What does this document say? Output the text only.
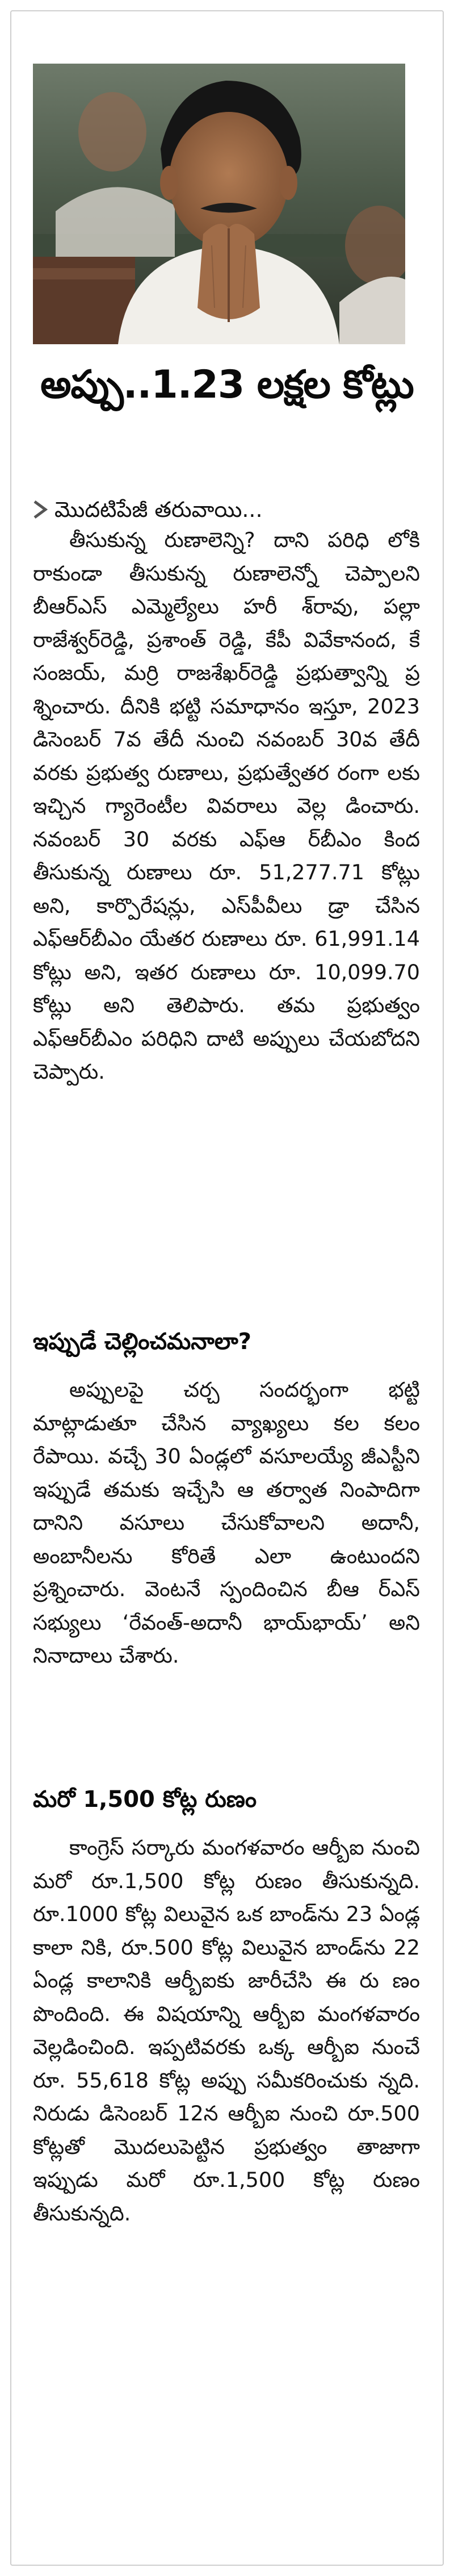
అప్పు..1.23 లక్షల కోట్లు
మొదటిపేజీ తరువాయి...

తీసుకున్న రుణాలెన్ని? దాని పరిధి లోకి రాకుండా తీసుకున్న రుణాలెన్నో చెప్పాలని బీఆర్ఎస్ ఎమ్మెల్యేలు హరీ శ్‌రావు, పల్లా రాజేశ్వర్‌రెడ్డి, ప్రశాంత్ రెడ్డి, కేపీ వివేకానంద, కే సంజయ్, మర్రి రాజశేఖర్‌రెడ్డి ప్రభుత్వాన్ని ప్ర శ్నించారు. దీనికి భట్టి సమాధానం ఇస్తూ, 2023 డిసెంబర్ 7వ తేదీ నుంచి నవంబర్ 30వ తేదీ వరకు ప్రభుత్వ రుణాలు, ప్రభుత్వేతర రంగా లకు ఇచ్చిన గ్యారెంటీల వివరాలు వెల్ల డించారు. నవంబర్ 30 వరకు ఎఫ్ఆ ర్‌బీఎం కింద తీసుకున్న రుణాలు రూ. 51,277.71 కోట్లు అని, కార్పొరేషన్లు, ఎస్‌పీవీలు డ్రా చేసిన ఎఫ్ఆర్‌బీఎం యేతర రుణాలు రూ. 61,991.14 కోట్లు అని, ఇతర రుణాలు రూ. 10,099.70 కోట్లు అని తెలిపారు. తమ ప్రభుత్వం ఎఫ్ఆర్‌బీఎం పరిధిని దాటి అప్పులు చేయబోదని చెప్పారు.

ఇప్పుడే చెల్లించమనాలా?

అప్పులపై చర్చ సందర్భంగా భట్టి మాట్లాడుతూ చేసిన వ్యాఖ్యలు కల కలం రేపాయి. వచ్చే 30 ఏండ్లలో వసూలయ్యే జీఎస్టీని ఇప్పుడే తమకు ఇచ్చేసి ఆ తర్వాత నింపాదిగా దానిని వసూలు చేసుకోవాలని అదానీ, అంబానీలను కోరితే ఎలా ఉంటుందని ప్రశ్నించారు. వెంటనే స్పందించిన బీఆ ర్ఎస్ సభ్యులు ‘రేవంత్-అదానీ భాయ్‌భాయ్’ అని నినాదాలు చేశారు.

మరో 1,500 కోట్ల రుణం

కాంగ్రెస్ సర్కారు మంగళవారం ఆర్బీఐ నుంచి మరో రూ.1,500 కోట్ల రుణం తీసుకున్నది. రూ.1000 కోట్ల విలువైన ఒక బాండ్‌ను 23 ఏండ్ల కాలా నికి, రూ.500 కోట్ల విలువైన బాండ్‌ను 22 ఏండ్ల కాలానికి ఆర్బీఐకు జారీచేసి ఈ రు ణం పొందింది. ఈ విషయాన్ని ఆర్బీఐ మంగళవారం వెల్లడించింది. ఇప్పటివరకు ఒక్క ఆర్బీఐ నుంచే రూ. 55,618 కోట్ల అప్పు సమీకరించుకు న్నది. నిరుడు డిసెంబర్ 12న ఆర్బీఐ నుంచి రూ.500 కోట్లతో మొదలుపెట్టిన ప్రభుత్వం తాజాగా ఇప్పుడు మరో రూ.1,500 కోట్ల రుణం తీసుకున్నది.
